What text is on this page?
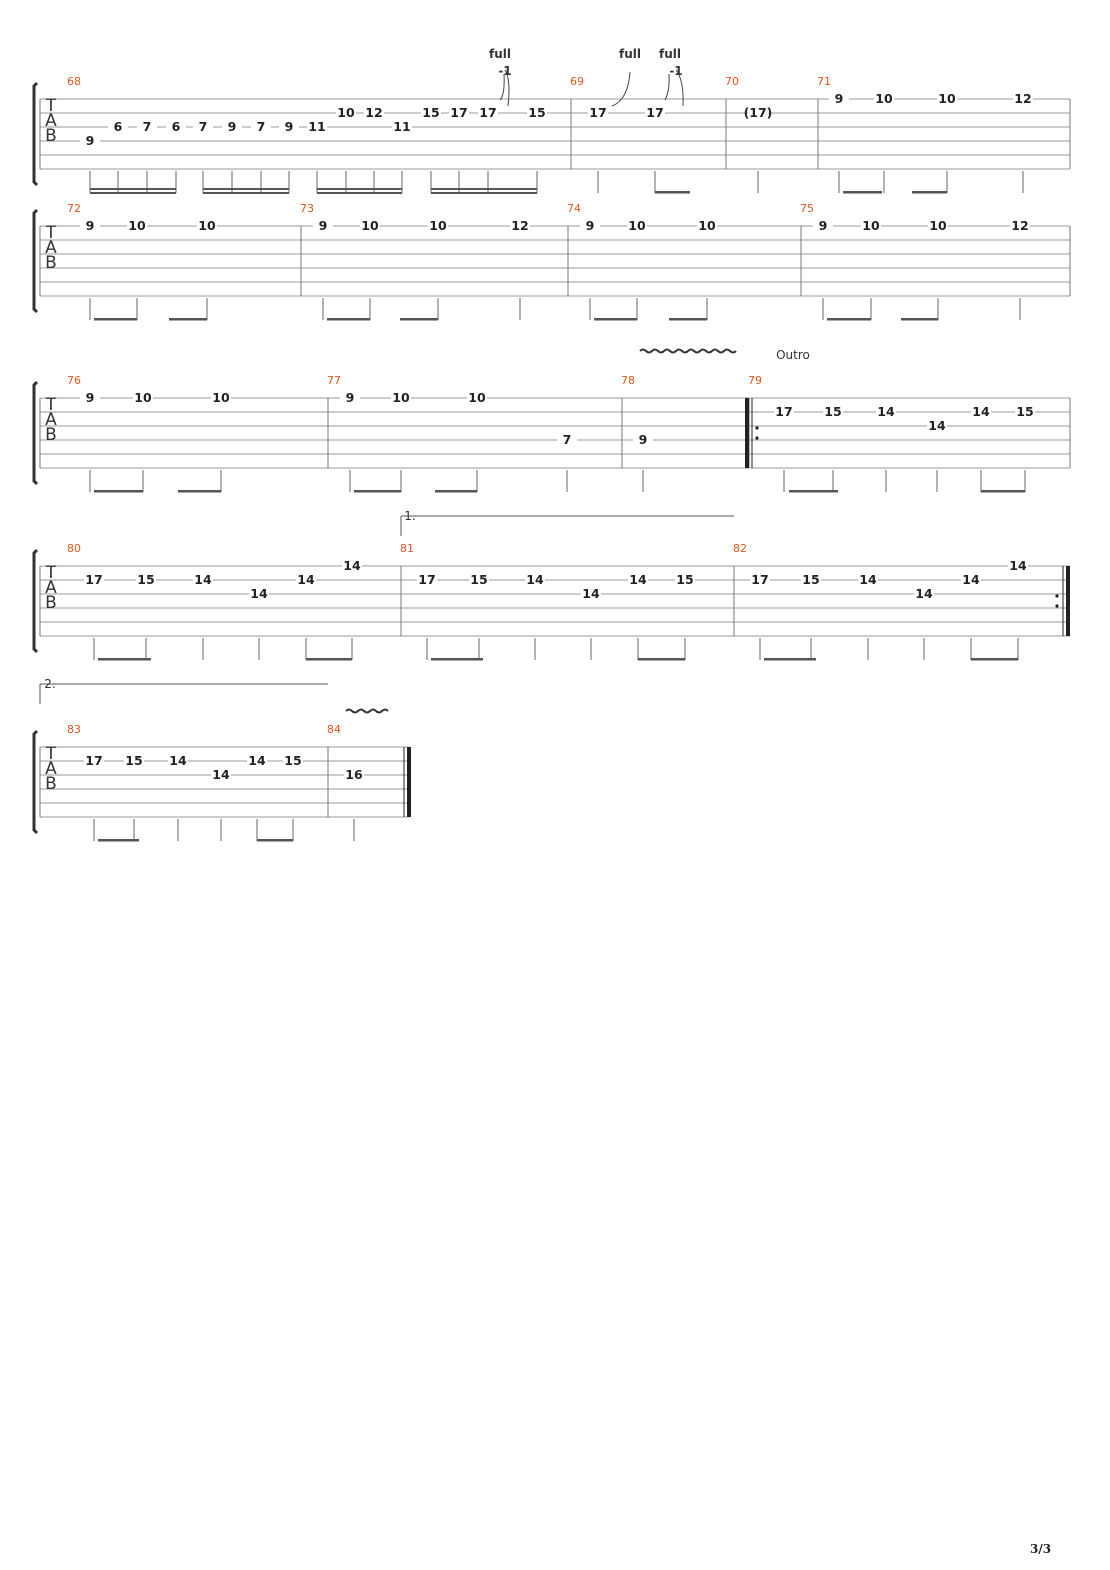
T
A
B
68
9
6 7 6 7 9 7 9 11
10 12
11
15 17 17	15
69
17	17
70
(17)
71
9	10	10	12
T
A
B
72
9	10	10
73
9	10	10	12
74
9	10	10
75
9	10	10	12
T
A
B
76
9	10	10
77
9	10	10
7
78
9
79
17	15	14
14
14 15
T
A
B
80
17	15	14
14
14
14
81
17	15	14
14
14 15
82
17	15	14
14
14
14
T
A
B
83
17 15 14
14
14 15
84
16
full	full full
-1	-1
Outro
1.
2.
3/3
